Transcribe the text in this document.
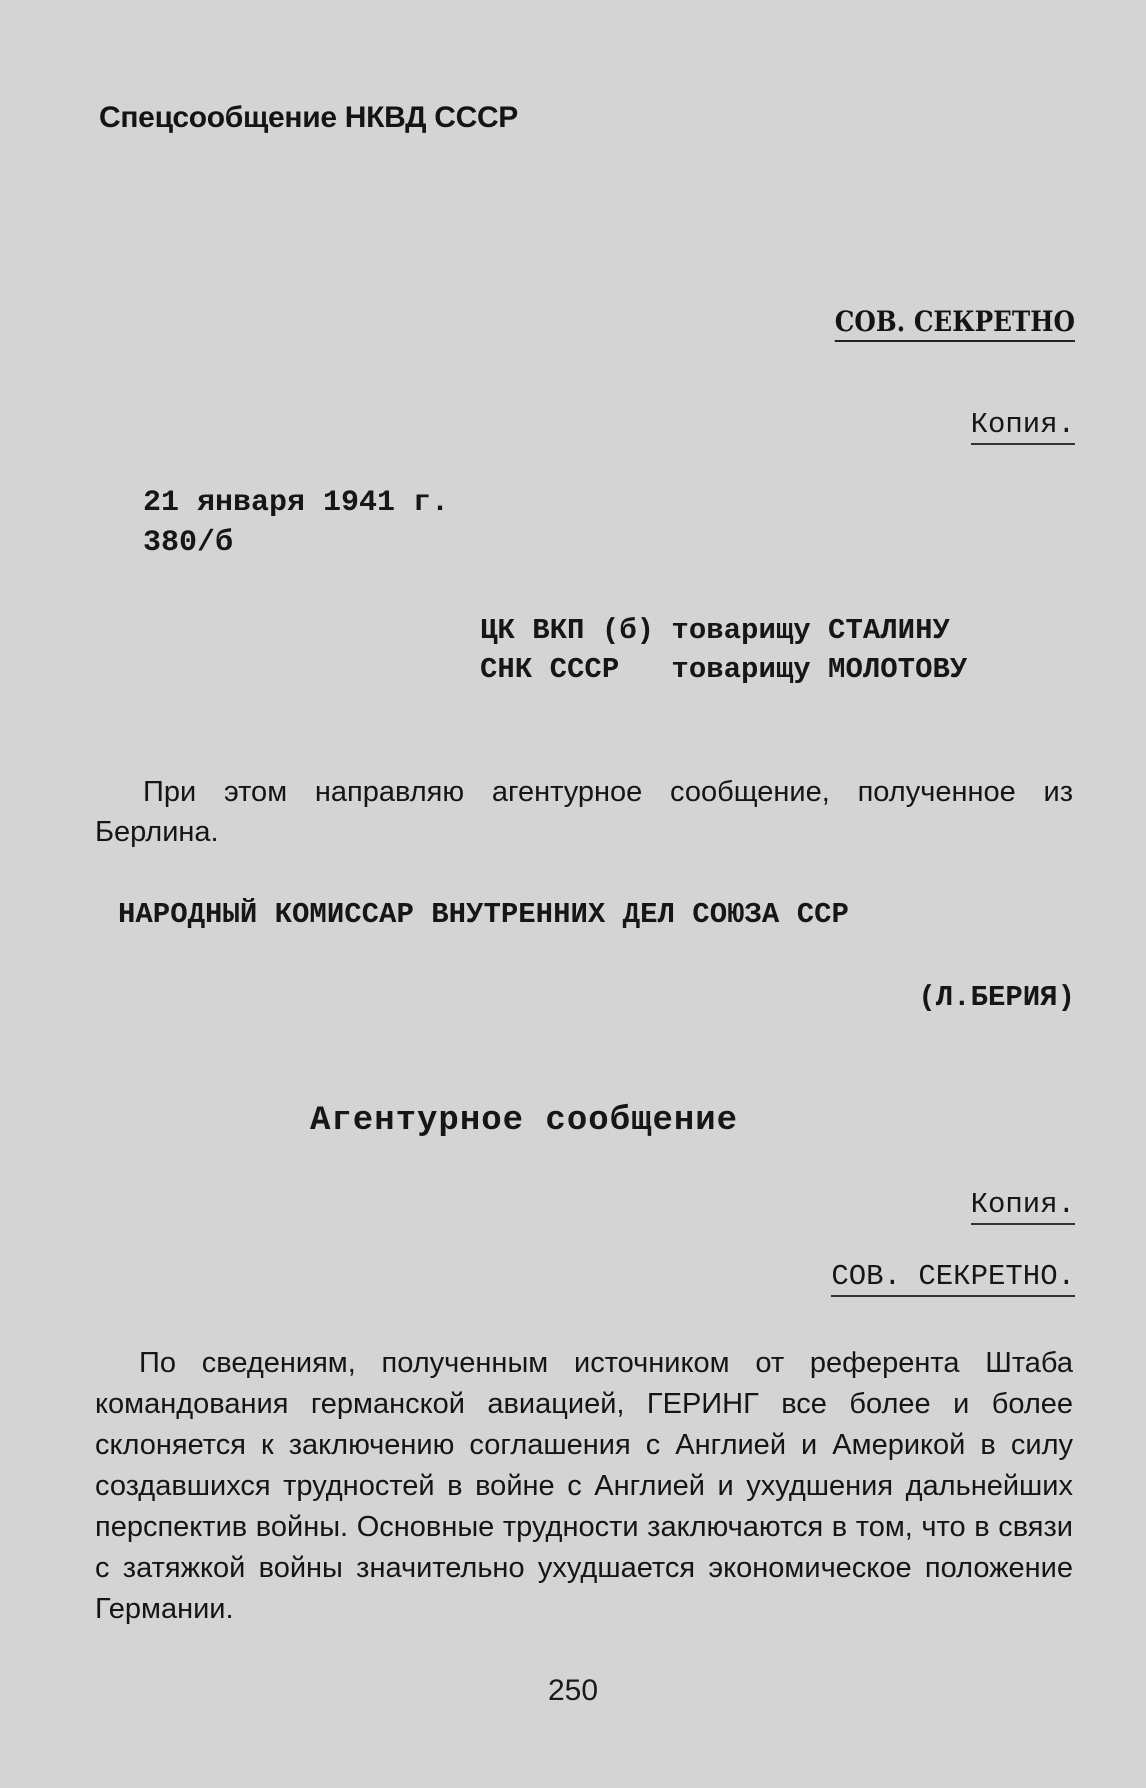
Спецсообщение НКВД СССР
СОВ. СЕКРЕТНО
Копия.
21 января 1941 г.
380/б
ЦК ВКП (б) товарищу СТАЛИНУ
СНК СССР   товарищу МОЛОТОВУ

При этом направляю агентурное сообщение, полученное из Берлина.

НАРОДНЫЙ КОМИССАР ВНУТРЕННИХ ДЕЛ СОЮЗА ССР
(Л.БЕРИЯ)
Агентурное сообщение
Копия.
СОВ. СЕКРЕТНО.

По сведениям, полученным источником от референта Штаба командования германской авиацией, ГЕРИНГ все более и более склоняется к заключению соглашения с Англией и Америкой в силу создавшихся трудностей в войне с Англией и ухудшения дальнейших перспектив войны. Основные трудности заключаются в том, что в связи с затяжкой войны значительно ухудшается экономическое положение Германии.

250
